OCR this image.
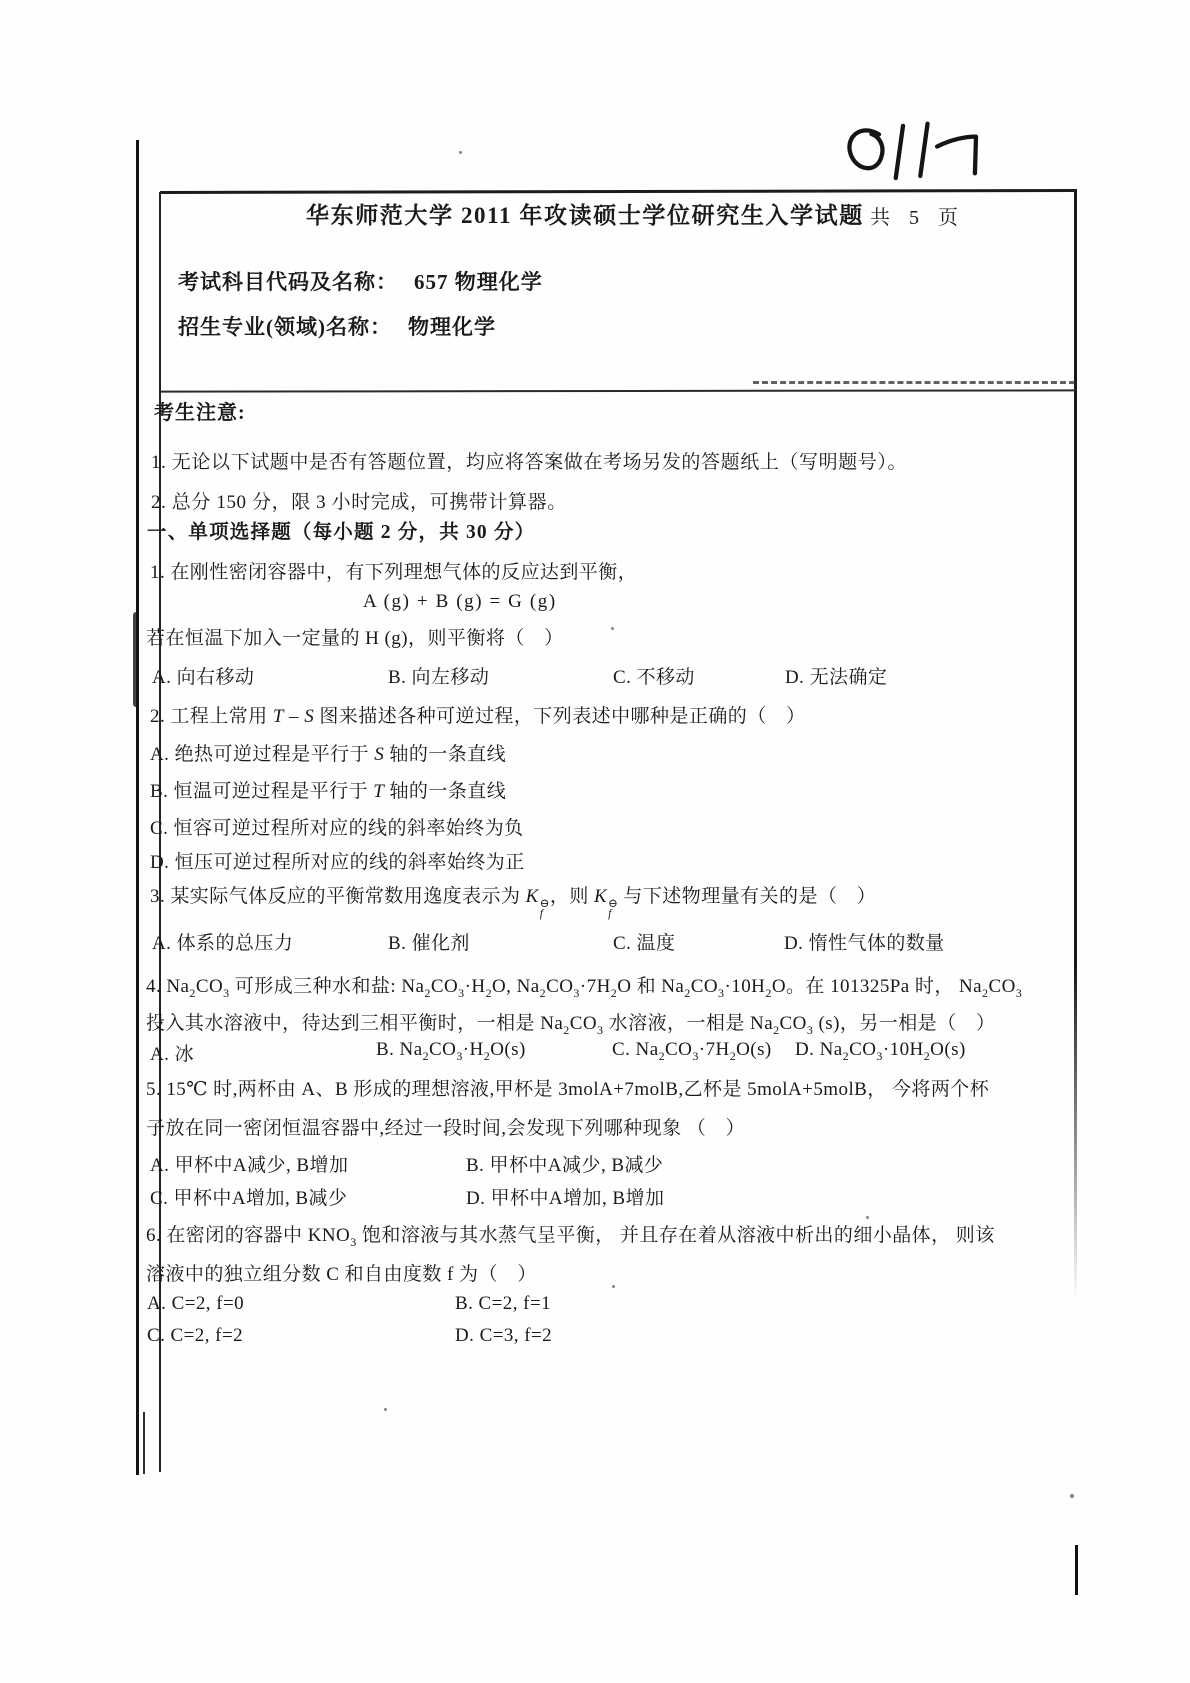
华东师范大学 2011 年攻读硕士学位研究生入学试题 共 5 页
考试科目代码及名称： 657 物理化学
招生专业(领域)名称： 物理化学
考生注意:
1. 无论以下试题中是否有答题位置，均应将答案做在考场另发的答题纸上（写明题号）。
2. 总分 150 分，限 3 小时完成，可携带计算器。
一、单项选择题（每小题 2 分，共 30 分）
1. 在刚性密闭容器中，有下列理想气体的反应达到平衡，
A (g) + B (g) = G (g)
若在恒温下加入一定量的 H (g)，则平衡将（　）
A. 向右移动	B. 向左移动	C. 不移动	D. 无法确定
2. 工程上常用 T – S 图来描述各种可逆过程，下列表述中哪种是正确的（　）
A. 绝热可逆过程是平行于 S 轴的一条直线
B. 恒温可逆过程是平行于 T 轴的一条直线
C. 恒容可逆过程所对应的线的斜率始终为负
D. 恒压可逆过程所对应的线的斜率始终为正
3. 某实际气体反应的平衡常数用逸度表示为 K ⊖
f
，则 K ⊖
f
与下述物理量有关的是（　）
A. 体系的总压力	B. 催化剂	C. 温度	D. 惰性气体的数量
4. $Na_2CO_3$ 可形成三种水和盐: $Na_2CO_3\cdot H_2O$, $Na_2CO_3\cdot 7H_2O$ 和 $Na_2CO_3\cdot 10H_2O$。在 101325Pa 时， $Na_2CO_3$
投入其水溶液中，待达到三相平衡时，一相是 $Na_2CO_3$ 水溶液，一相是 $Na_2CO_3$ (s)，另一相是（　）
A. 冰	B. $Na_2CO_3\cdot H_2O(s)$	C. $Na_2CO_3\cdot 7H_2O(s)$ D. $Na_2CO_3\cdot 10H_2O(s)$
5. 15℃ 时,两杯由 A、B 形成的理想溶液,甲杯是 3molA+7molB,乙杯是 5molA+5molB， 今将两个杯
子放在同一密闭恒温容器中,经过一段时间,会发现下列哪种现象 （　）
A. 甲杯中A减少, B增加	B. 甲杯中A减少, B减少
C. 甲杯中A增加, B减少	D. 甲杯中A增加, B增加
6. 在密闭的容器中 $KNO_3$ 饱和溶液与其水蒸气呈平衡， 并且存在着从溶液中析出的细小晶体， 则该
溶液中的独立组分数 C 和自由度数 f 为（　）
A. C=2, f=0	B. C=2, f=1
C. C=2, f=2	D. C=3, f=2
